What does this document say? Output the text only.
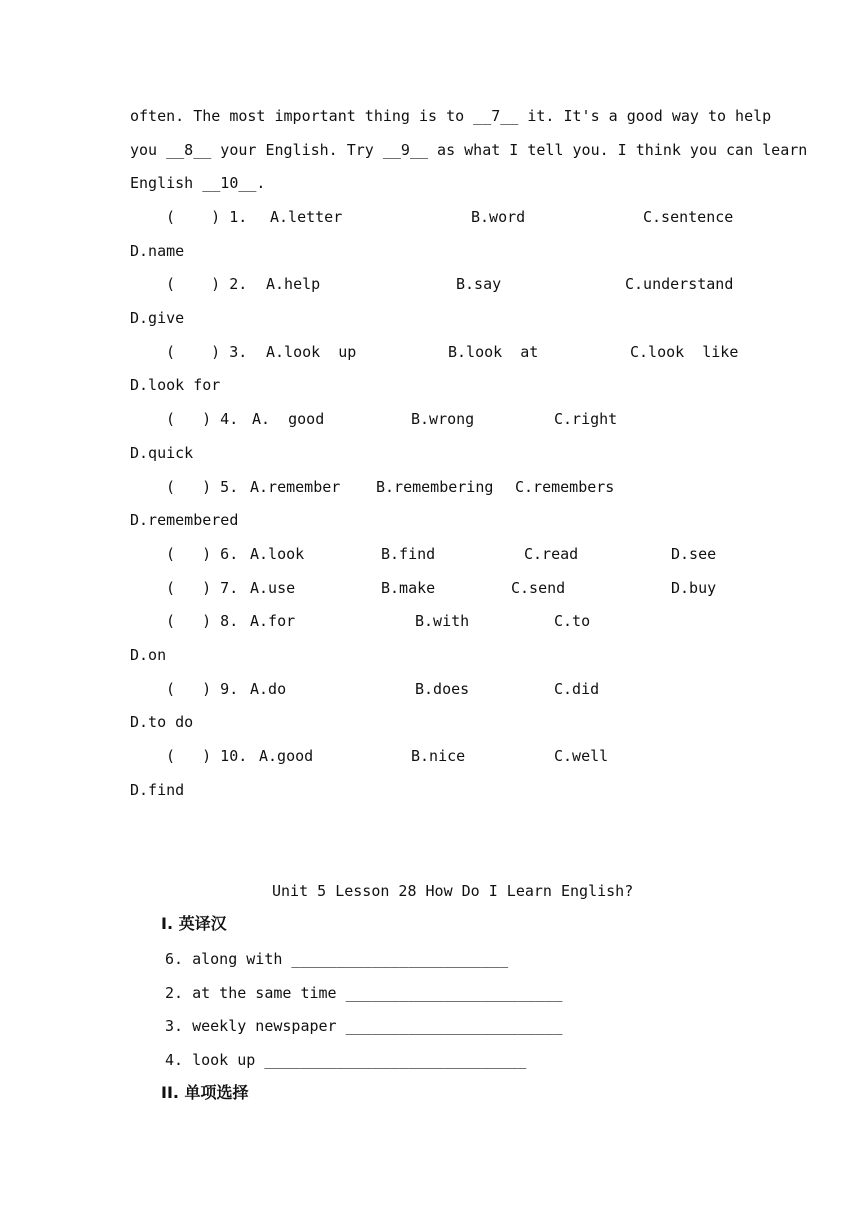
often. The most important thing is to __7__ it. It's a good way to help
you __8__ your English. Try __9__ as what I tell you. I think you can learn
English __10__.
(    ) 1. A.letter	B.word	C.sentence
D.name
(    ) 2. A.help	B.say	C.understand
D.give
(    ) 3. A.look  up	B.look  at	C.look  like
D.look for
(   ) 4. A.  good	B.wrong	C.right
D.quick
(   ) 5. A.remember B.remembering C.remembers
D.remembered
(   ) 6. A.look	B.find	C.read	D.see
(   ) 7. A.use	B.make	C.send	D.buy
(   ) 8. A.for	B.with	C.to
D.on
(   ) 9. A.do	B.does	C.did
D.to do
(   ) 10. A.good	B.nice	C.well
D.find
Unit 5 Lesson 28 How Do I Learn English?
I. 英译汉
6. along with ________________________
2. at the same time ________________________
3. weekly newspaper ________________________
4. look up _____________________________
II. 单项选择
